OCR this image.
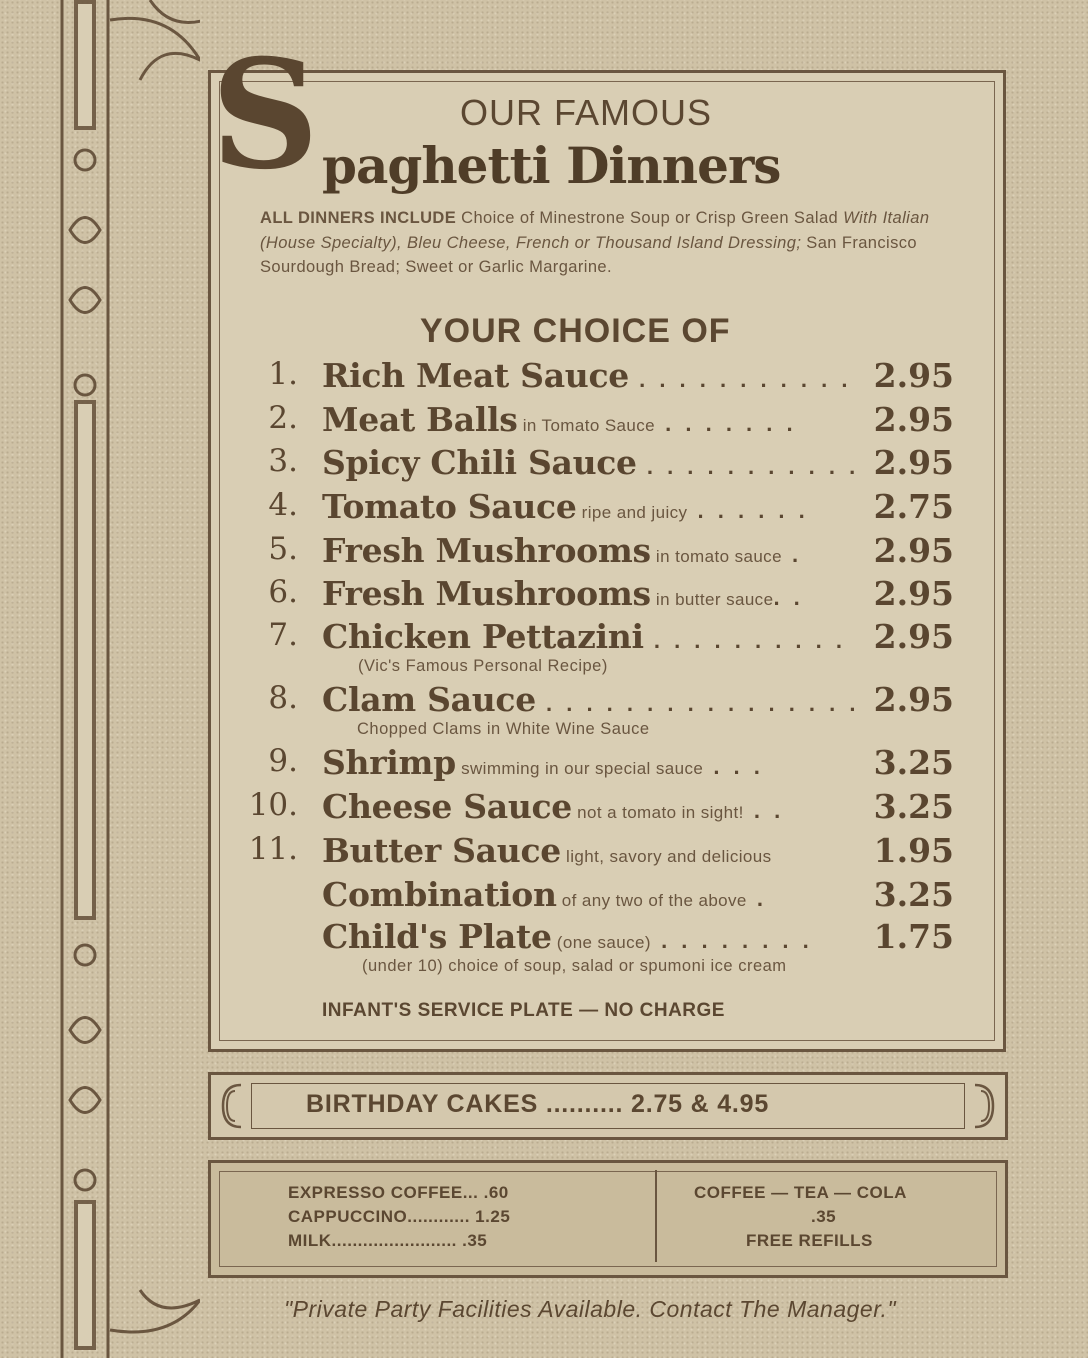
S	OUR FAMOUS
paghetti Dinners
ALL DINNERS INCLUDE Choice of Minestrone Soup or Crisp Green Salad With Italian (House Specialty), Bleu Cheese, French or Thousand Island Dressing; San Francisco Sourdough Bread; Sweet or Garlic Margarine.
YOUR CHOICE OF
1. Rich Meat Sauce . . . . . . . . . . . 2.95
2. Meat Balls in Tomato Sauce . . . . . . . 2.95
3. Spicy Chili Sauce . . . . . . . . . . . 2.95
4. Tomato Sauce ripe and juicy . . . . . . 2.75
5. Fresh Mushrooms in tomato sauce . 2.95
6. Fresh Mushrooms in butter sauce. . 2.95
7. Chicken Pettazini . . . . . . . . . . 2.95
(Vic's Famous Personal Recipe)
8. Clam Sauce . . . . . . . . . . . . . . . . 2.95
Chopped Clams in White Wine Sauce
9. Shrimp swimming in our special sauce . . .	3.25
10. Cheese Sauce not a tomato in sight! . .	3.25
11. Butter Sauce light, savory and delicious	1.95
Combination of any two of the above .	3.25
Child's Plate (one sauce) . . . . . . . . 1.75
(under 10) choice of soup, salad or spumoni ice cream
INFANT'S SERVICE PLATE — NO CHARGE
BIRTHDAY CAKES .......... 2.75 & 4.95
EXPRESSO COFFEE... .60
CAPPUCCINO............ 1.25
MILK........................ .35
COFFEE — TEA — COLA
.35
FREE REFILLS
"Private Party Facilities Available. Contact The Manager."
